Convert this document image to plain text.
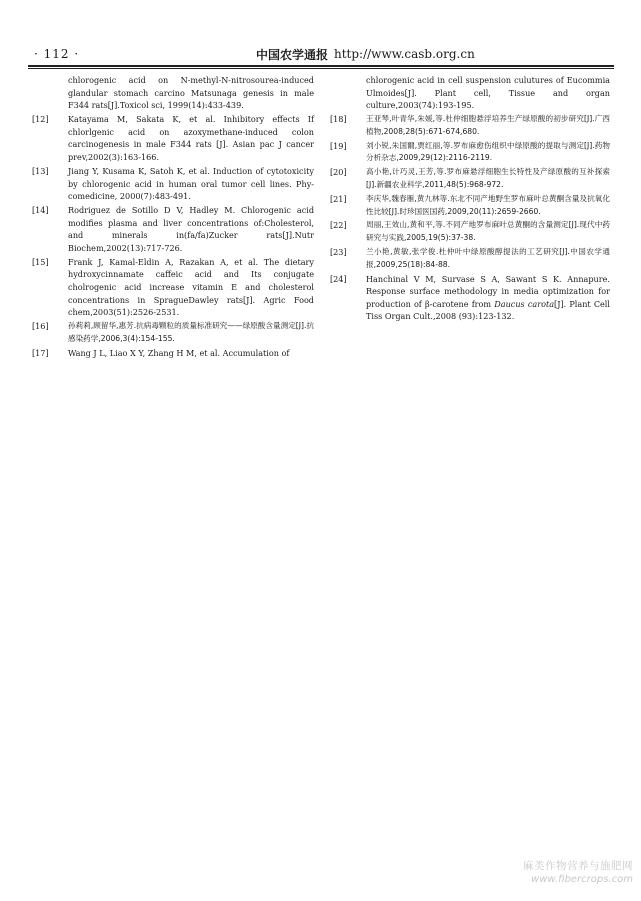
· 112 ·	中国农学通报 http://www.casb.org.cn
chlorogenic acid on N-methyl-N-nitrosourea-induced glandular stomach carcino Matsunaga genesis in male F344 rats[J].Toxicol sci, 1999(14):433-439.
[12]	Katayama M, Sakata K, et al. Inhibitory effects If chlorlgenic acid on azoxymethane-induced colon carcinogenesis in male F344 rats [J]. Asian pac J cancer prev,2002(3):163-166.
[13]	Jiang Y, Kusama K, Satoh K, et al. Induction of cytotoxicity by chlorogenic acid in human oral tumor cell lines. Phy-comedicine, 2000(7):483-491.
[14]	Rodriguez de Sotillo D V, Hadley M. Chlorogenic acid modifies plasma and liver concentrations of:Cholesterol, and minerals in(fa/fa)Zucker rats[J].Nutr Biochem,2002(13):717-726.
[15]	Frank J, Kamal-Eldin A, Razakan A, et al. The dietary hydroxycinnamate caffeic acid and Its conjugate cholrogenic acid increase vitamin E and cholesterol concentrations in SpragueDawley rats[J]. Agric Food chem,2003(51):2526-2531.
[16]	孙莉莉,顾留华,惠芳.抗病毒颗粒的质量标准研究——绿原酸含量测定[J].抗感染药学,2006,3(4):154-155.
[17]	Wang J L, Liao X Y, Zhang H M, et al. Accumulation of
chlorogenic acid in cell suspension culutures of Eucommia Ulmoides[J]. Plant cell, Tissue and organ culture,2003(74):193-195.
[18]	王亚琴,叶青华,朱媛,等.杜仲细胞悬浮培养生产绿原酸的初步研究[J].广西植物,2008,28(5):671-674,680.
[19]	刘小锐,朱国爾,贾红丽,等.罗布麻愈伤组织中绿原酸的提取与测定[J].药物分析杂志,2009,29(12):2116-2119.
[20]	高小艳,计巧灵,王芳,等.罗布麻悬浮细胞生长特性及产绿原酸的互补探索[J].新疆农业科学,2011,48(5):968-972.
[21]	李庆华,魏春雁,黄九林等.东北不同产地野生罗布麻叶总黄酮含量及抗氧化性比较[J].时珍国医国药,2009,20(11):2659-2660.
[22]	周丽,王效山,黄和平,等.不同产地罗布麻叶总黄酮的含量测定[J].现代中药研究与实践,2005,19(5):37-38.
[23]	兰小艳,黄敏,张学俊.杜仲叶中绿原酸醇提法的工艺研究[J].中国农学通报,2009,25(18):84-88.
[24]	Hanchinal V M, Survase S A, Sawant S K. Annapure. Response surface methodology in media optimization for production of β-carotene from Daucus carota[J]. Plant Cell Tiss Organ Cult.,2008 (93):123-132.
麻类作物营养与施肥网
www.fibercrops.com
